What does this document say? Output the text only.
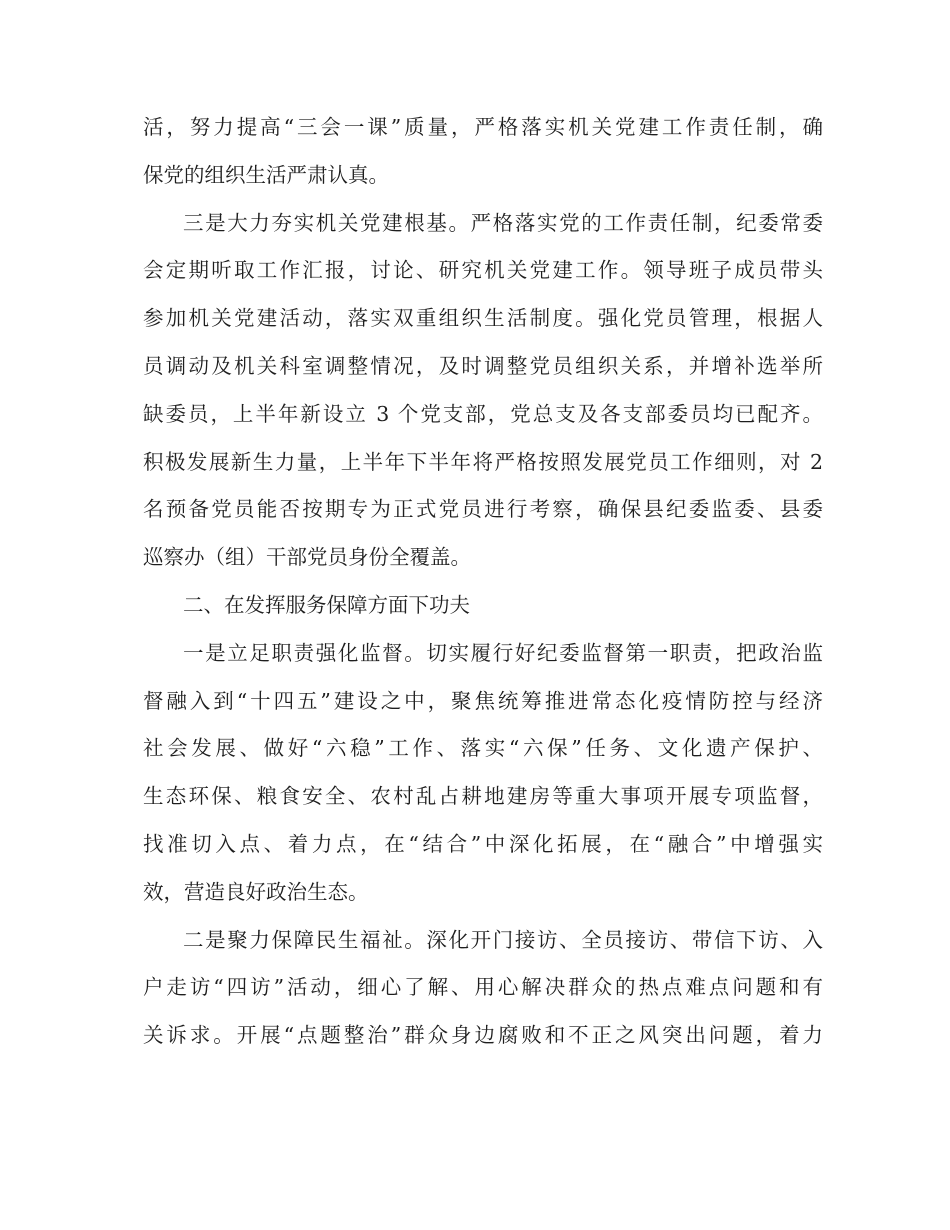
活，努力提高“三会一课”质量，严格落实机关党建工作责任制，确
保党的组织生活严肃认真。
三是大力夯实机关党建根基。严格落实党的工作责任制，纪委常委
会定期听取工作汇报，讨论、研究机关党建工作。领导班子成员带头
参加机关党建活动，落实双重组织生活制度。强化党员管理，根据人
员调动及机关科室调整情况，及时调整党员组织关系，并增补选举所
缺委员，上半年新设立 3 个党支部，党总支及各支部委员均已配齐。
积极发展新生力量，上半年下半年将严格按照发展党员工作细则，对 2
名预备党员能否按期专为正式党员进行考察，确保县纪委监委、县委
巡察办（组）干部党员身份全覆盖。
二、在发挥服务保障方面下功夫
一是立足职责强化监督。切实履行好纪委监督第一职责，把政治监
督融入到“十四五”建设之中，聚焦统筹推进常态化疫情防控与经济
社会发展、做好“六稳”工作、落实“六保”任务、文化遗产保护、
生态环保、粮食安全、农村乱占耕地建房等重大事项开展专项监督，
找准切入点、着力点，在“结合”中深化拓展，在“融合”中增强实
效，营造良好政治生态。
二是聚力保障民生福祉。深化开门接访、全员接访、带信下访、入
户走访“四访”活动，细心了解、用心解决群众的热点难点问题和有
关诉求。开展“点题整治”群众身边腐败和不正之风突出问题，着力
